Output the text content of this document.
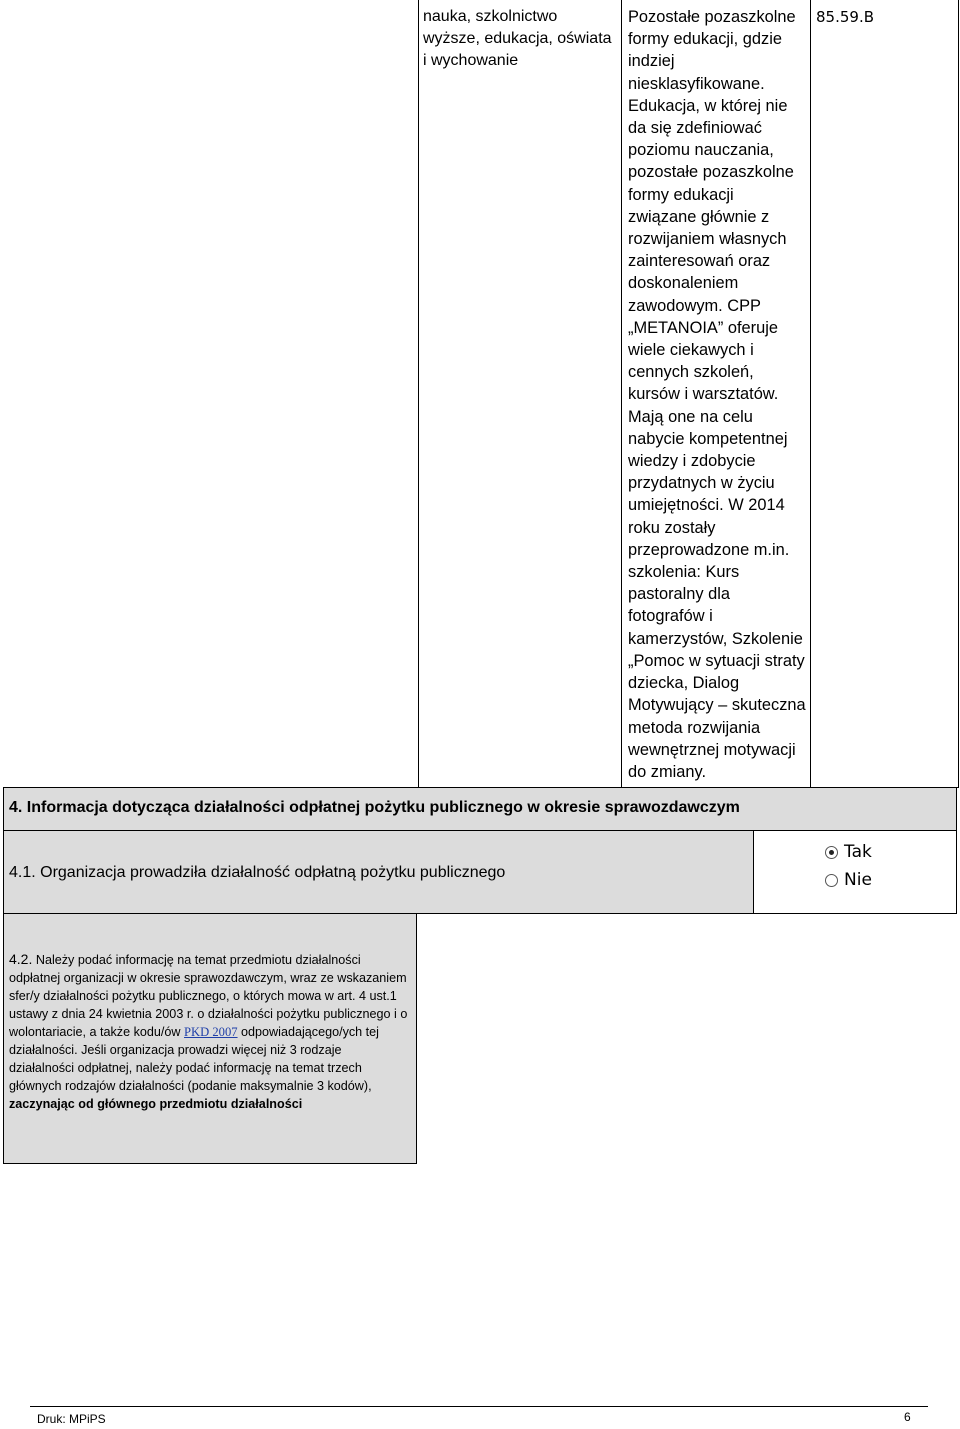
nauka, szkolnictwo wyższe, edukacja, oświata i wychowanie
Pozostałe pozaszkolne formy edukacji, gdzie indziej niesklasyfikowane. Edukacja, w której nie da się zdefiniować poziomu nauczania, pozostałe pozaszkolne formy edukacji związane głównie z rozwijaniem własnych zainteresowań oraz doskonaleniem zawodowym. CPP „METANOIA” oferuje wiele ciekawych i cennych szkoleń, kursów i warsztatów. Mają one na celu nabycie kompetentnej wiedzy i zdobycie przydatnych w życiu umiejętności. W 2014 roku zostały przeprowadzone m.in. szkolenia: Kurs pastoralny dla fotografów i kamerzystów, Szkolenie „Pomoc w sytuacji straty dziecka, Dialog Motywujący – skuteczna metoda rozwijania wewnętrznej motywacji do zmiany.
85.59.B
4. Informacja dotycząca działalności odpłatnej pożytku publicznego w okresie sprawozdawczym
4.1. Organizacja prowadziła działalność odpłatną pożytku publicznego
Tak
Nie
4.2. Należy podać informację na temat przedmiotu działalności odpłatnej organizacji w okresie sprawozdawczym, wraz ze wskazaniem sfer/y działalności pożytku publicznego, o których mowa w art. 4 ust.1 ustawy z dnia 24 kwietnia 2003 r. o działalności pożytku publicznego i o wolontariacie, a także kodu/ów PKD 2007 odpowiadającego/ych tej działalności. Jeśli organizacja prowadzi więcej niż 3 rodzaje działalności odpłatnej, należy podać informację na temat trzech głównych rodzajów działalności (podanie maksymalnie 3 kodów), zaczynając od głównego przedmiotu działalności
Druk: MPiPS	6
